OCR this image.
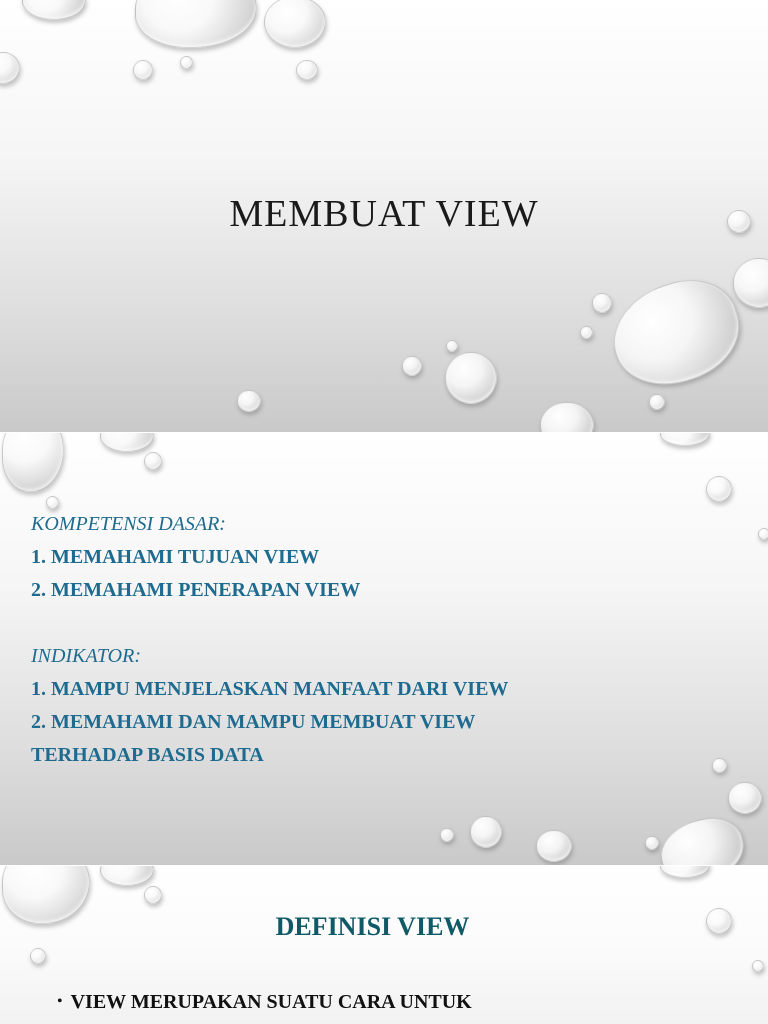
MEMBUAT VIEW
KOMPETENSI DASAR:
1. MEMAHAMI TUJUAN VIEW
2. MEMAHAMI PENERAPAN VIEW
INDIKATOR:
1. MAMPU MENJELASKAN MANFAAT DARI VIEW
2. MEMAHAMI DAN MAMPU MEMBUAT VIEW
TERHADAP BASIS DATA
DEFINISI VIEW
• VIEW MERUPAKAN SUATU CARA UNTUK
